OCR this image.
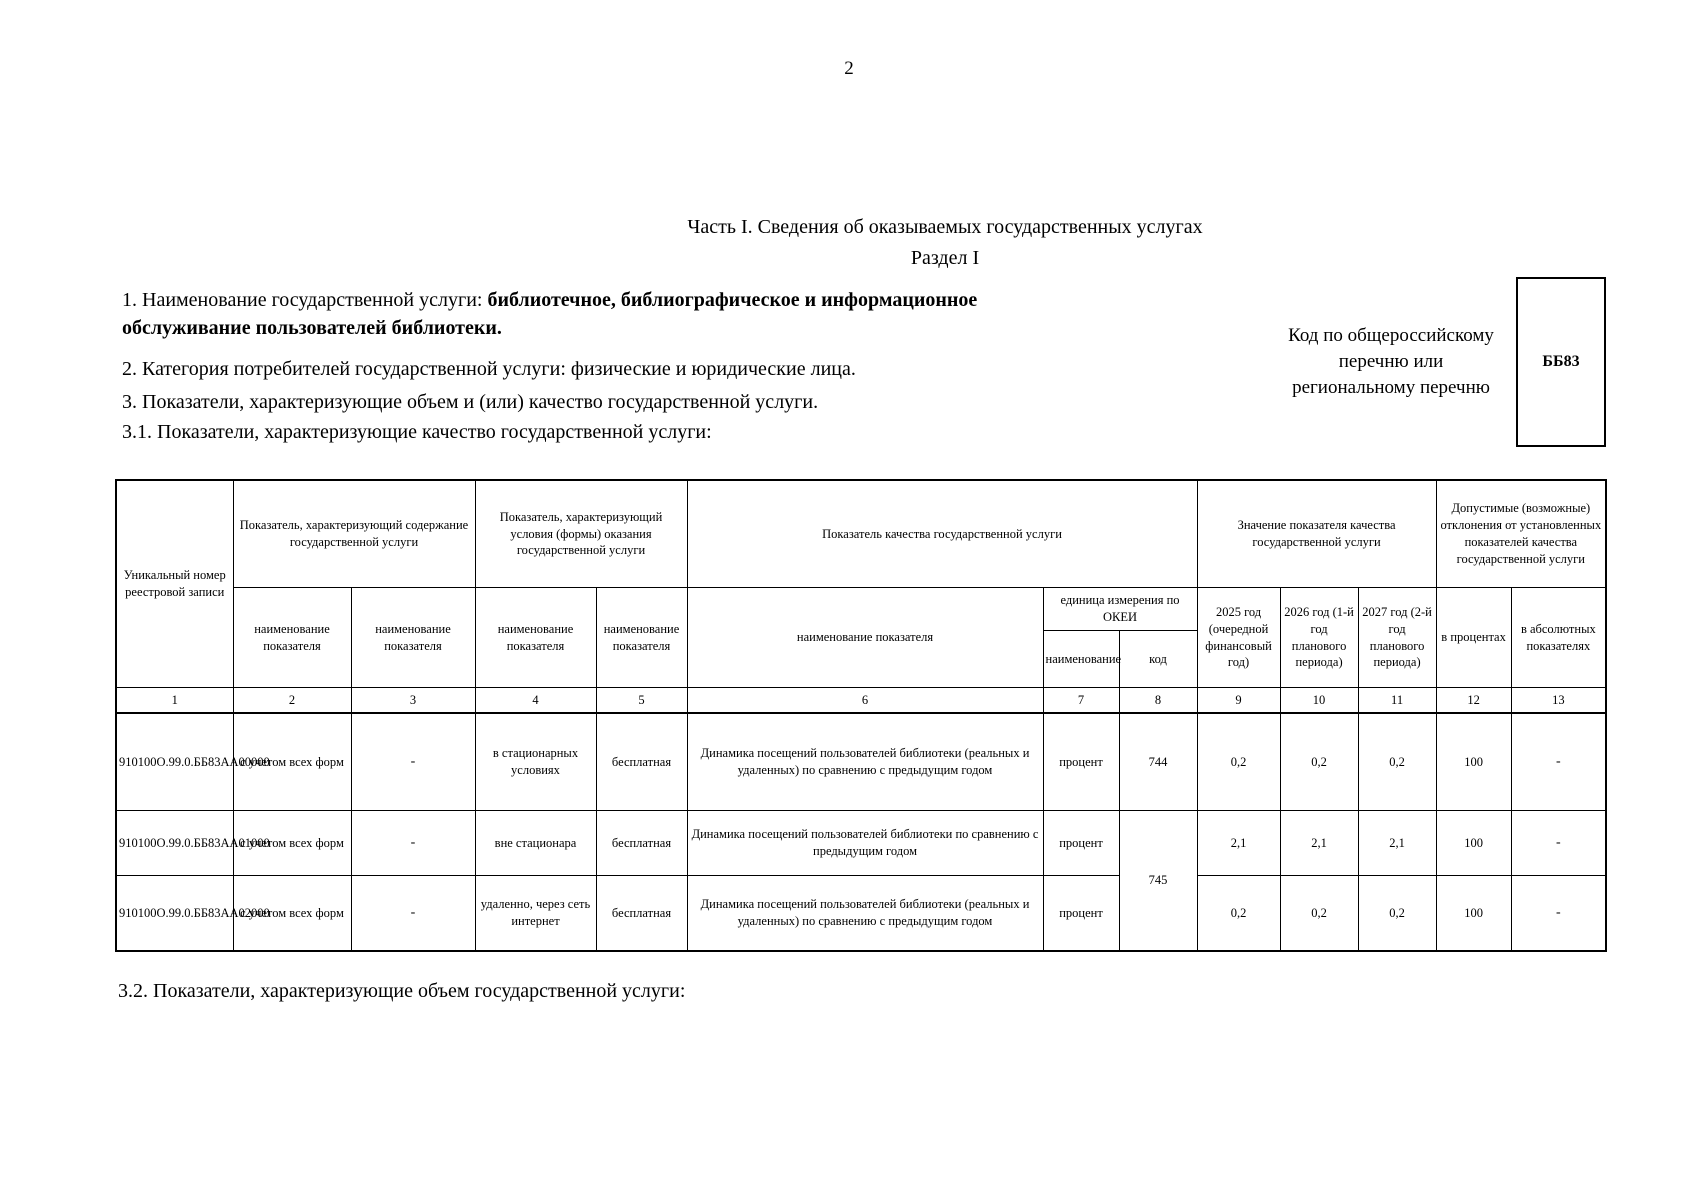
2
Часть I. Сведения об оказываемых государственных услугах
Раздел I
1. Наименование государственной услуги: библиотечное, библиографическое и информационное
обслуживание пользователей библиотеки.
2. Категория потребителей государственной услуги: физические и юридические лица.
3. Показатели, характеризующие объем и (или) качество государственной услуги.
3.1. Показатели, характеризующие качество государственной услуги:
Код по общероссийскому
перечню или
региональному перечню
ББ83
Уникальный номер реестровой записи	Показатель, характеризующий содержание государственной услуги		Показатель, характеризующий условия (формы) оказания государственной услуги		Показатель качества государственной услуги			Значение показателя качества государственной услуги			Допустимые (возможные) отклонения от установленных показателей качества государственной услуги	
	наименование показателя	наименование показателя	наименование показателя	наименование показателя	наименование показателя	единица измерения по ОКЕИ		2025 год (очередной финансовый год)	2026 год (1-й год планового периода)	2027 год (2-й год планового периода)	в процентах	в абсолютных показателях
						наименование	код					
1	2	3	4	5	6	7	8	9	10	11	12	13
910100О.99.0.ББ83АА00000	с учетом всех форм	-	в стационарных условиях	бесплатная	Динамика посещений пользователей библиотеки (реальных и удаленных) по сравнению с предыдущим годом	процент	744	0,2	0,2	0,2	100	-
910100О.99.0.ББ83АА01000	с учетом всех форм	-	вне стационара	бесплатная	Динамика посещений пользователей библиотеки по сравнению с предыдущим годом	процент	745	2,1	2,1	2,1	100	-
910100О.99.0.ББ83АА02000	с учетом всех форм	-	удаленно, через сеть интернет	бесплатная	Динамика посещений пользователей библиотеки (реальных и удаленных) по сравнению с предыдущим годом	процент		0,2	0,2	0,2	100	-
3.2. Показатели, характеризующие объем государственной услуги:
